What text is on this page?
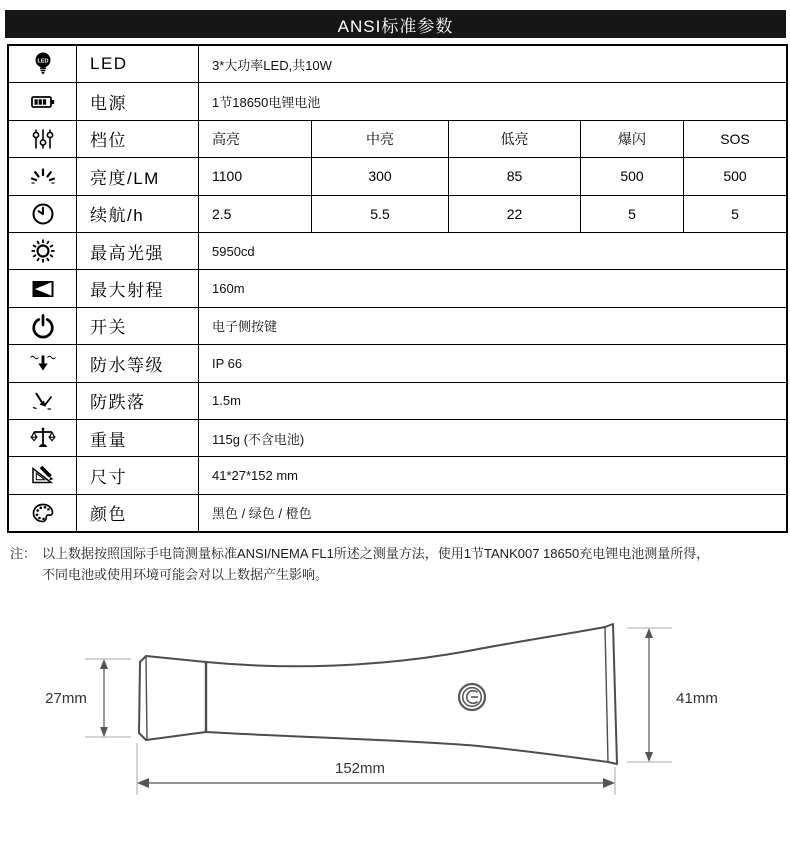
ANSI标准参数
LED	LED	3*大功率LED,共10W
电源	1节18650电锂电池
档位	高亮	中亮	低亮	爆闪	SOS
亮度/LM	1100	300	85	500	500
续航/h	2.5	5.5	22	5	5
最高光强	5950cd
最大射程	160m
开关	电子侧按键
防水等级	IP 66
防跌落	1.5m
重量	115g (不含电池)
尺寸	41*27*152 mm
颜色	黑色 / 绿色 / 橙色
注： 以上数据按照国际手电筒测量标准ANSI/NEMA FL1所述之测量方法，使用1节TANK007 18650充电锂电池测量所得，
不同电池或使用环境可能会对以上数据产生影响。
27mm	41mm
152mm
